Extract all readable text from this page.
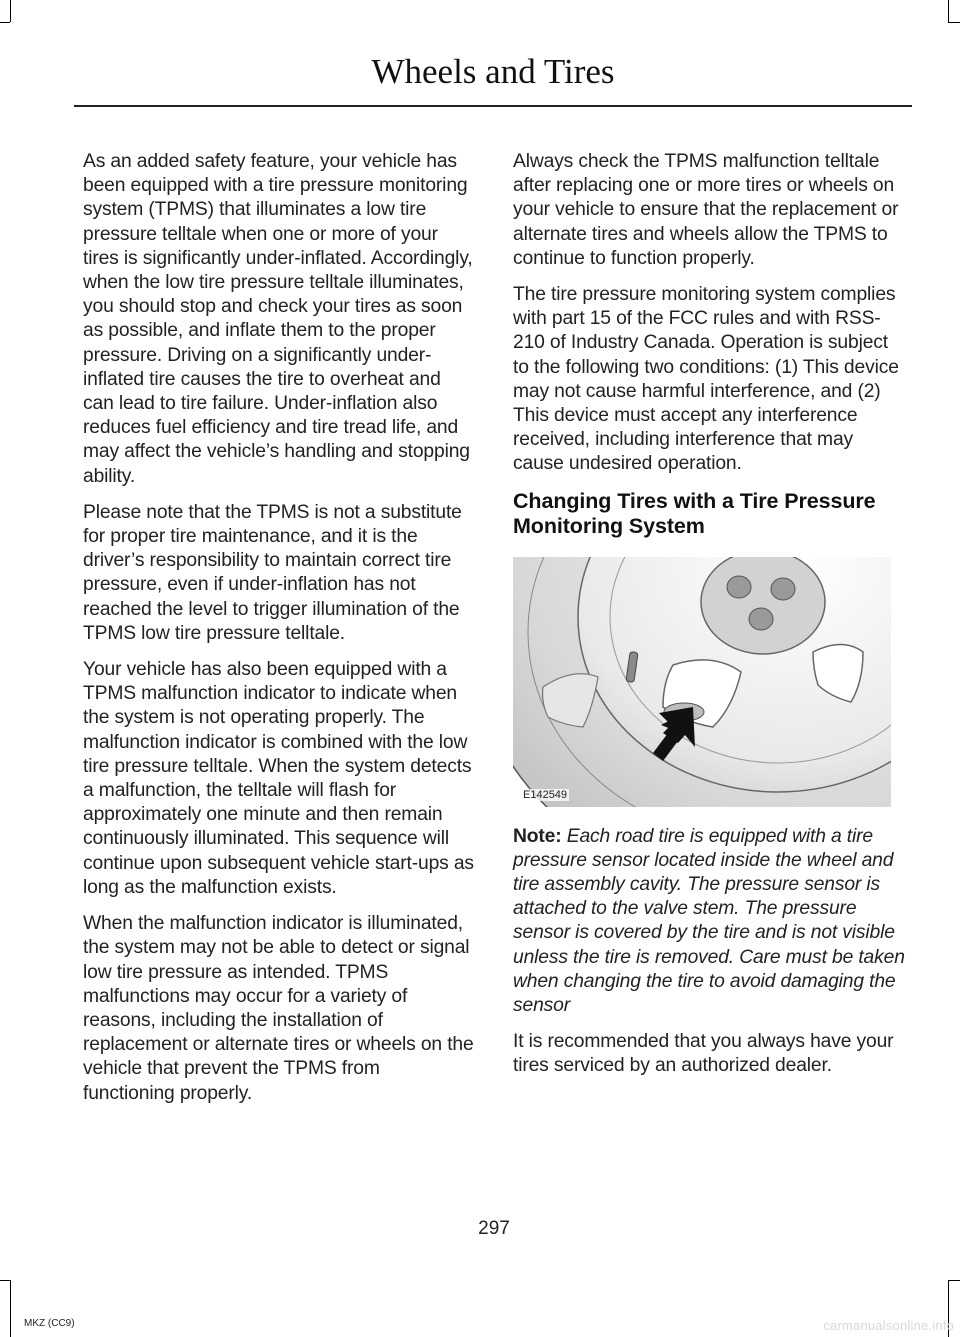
Wheels and Tires

As an added safety feature, your vehicle has been equipped with a tire pressure monitoring system (TPMS) that illuminates a low tire pressure telltale when one or more of your tires is significantly under-inflated. Accordingly, when the low tire pressure telltale illuminates, you should stop and check your tires as soon as possible, and inflate them to the proper pressure. Driving on a significantly under-inflated tire causes the tire to overheat and can lead to tire failure. Under-inflation also reduces fuel efficiency and tire tread life, and may affect the vehicle’s handling and stopping ability.

Please note that the TPMS is not a substitute for proper tire maintenance, and it is the driver’s responsibility to maintain correct tire pressure, even if under-inflation has not reached the level to trigger illumination of the TPMS low tire pressure telltale.

Your vehicle has also been equipped with a TPMS malfunction indicator to indicate when the system is not operating properly. The malfunction indicator is combined with the low tire pressure telltale. When the system detects a malfunction, the telltale will flash for approximately one minute and then remain continuously illuminated. This sequence will continue upon subsequent vehicle start-ups as long as the malfunction exists.

When the malfunction indicator is illuminated, the system may not be able to detect or signal low tire pressure as intended. TPMS malfunctions may occur for a variety of reasons, including the installation of replacement or alternate tires or wheels on the vehicle that prevent the TPMS from functioning properly.

Always check the TPMS malfunction telltale after replacing one or more tires or wheels on your vehicle to ensure that the replacement or alternate tires and wheels allow the TPMS to continue to function properly.

The tire pressure monitoring system complies with part 15 of the FCC rules and with RSS-210 of Industry Canada. Operation is subject to the following two conditions: (1) This device may not cause harmful interference, and (2) This device must accept any interference received, including interference that may cause undesired operation.

Changing Tires with a Tire Pressure Monitoring System
E142549

Note: Each road tire is equipped with a tire pressure sensor located inside the wheel and tire assembly cavity. The pressure sensor is attached to the valve stem. The pressure sensor is covered by the tire and is not visible unless the tire is removed. Care must be taken when changing the tire to avoid damaging the sensor

It is recommended that you always have your tires serviced by an authorized dealer.

297
MKZ (CC9)	carmanualsonline.info
